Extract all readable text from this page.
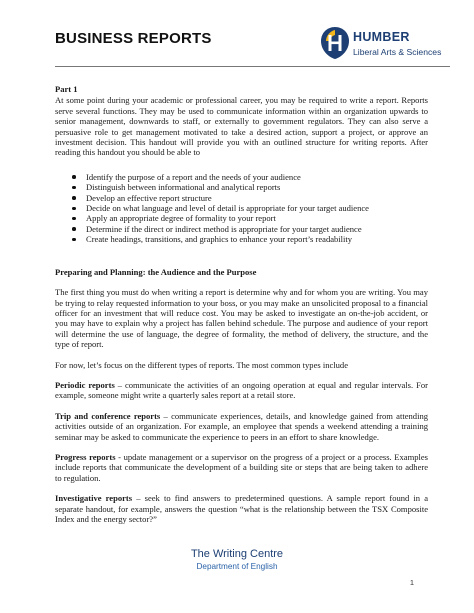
BUSINESS REPORTS	HUMBER
Liberal Arts & Sciences
Part 1

At some point during your academic or professional career, you may be required to write a report. Reports serve several functions. They may be used to communicate information within an organization upwards to senior management, downwards to staff, or externally to government regulators. They can also serve a persuasive role to get management motivated to take a desired action, support a project, or approve an investment decision. This handout will provide you with an outlined structure for writing reports. After reading this handout you should be able to

Identify the purpose of a report and the needs of your audience
Distinguish between informational and analytical reports
Develop an effective report structure
Decide on what language and level of detail is appropriate for your target audience
Apply an appropriate degree of formality to your report
Determine if the direct or indirect method is appropriate for your target audience
Create headings, transitions, and graphics to enhance your report’s readability
Preparing and Planning: the Audience and the Purpose

The first thing you must do when writing a report is determine why and for whom you are writing. You may be trying to relay requested information to your boss, or you may make an unsolicited proposal to a financial officer for an investment that will reduce cost. You may be asked to investigate an on-the-job accident, or you may have to explain why a project has fallen behind schedule. The purpose and audience of your report will determine the use of language, the degree of formality, the method of delivery, the structure, and the type of report.

For now, let’s focus on the different types of reports. The most common types include

Periodic reports – communicate the activities of an ongoing operation at equal and regular intervals. For example, someone might write a quarterly sales report at a retail store.

Trip and conference reports – communicate experiences, details, and knowledge gained from attending activities outside of an organization. For example, an employee that spends a weekend attending a training seminar may be asked to communicate the experience to peers in an effort to share knowledge.

Progress reports - update management or a supervisor on the progress of a project or a process. Examples include reports that communicate the development of a building site or steps that are being taken to adhere to regulation.

Investigative reports – seek to find answers to predetermined questions. A sample report found in a separate handout, for example, answers the question “what is the relationship between the TSX Composite Index and the energy sector?”

The Writing Centre

Department of English

1
